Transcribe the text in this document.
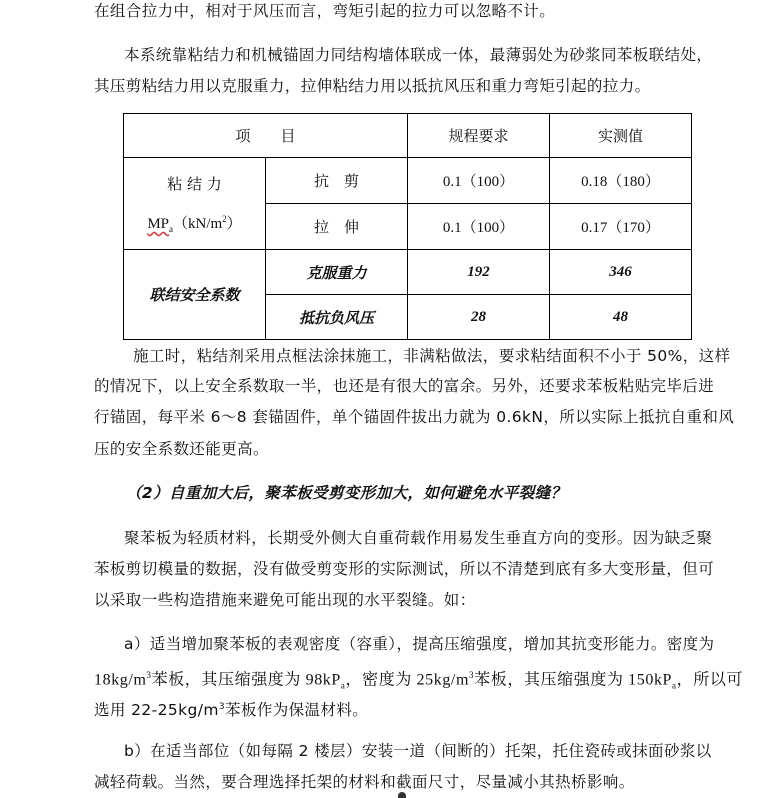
在组合拉力中，相对于风压而言，弯矩引起的拉力可以忽略不计。
本系统靠粘结力和机械锚固力同结构墙体联成一体，最薄弱处为砂浆同苯板联结处，
其压剪粘结力用以克服重力，拉伸粘结力用以抵抗风压和重力弯矩引起的拉力。
项　　目		规程要求	实测值

粘 结 力
$MP_a(kN/m^2)$	抗　剪	0.1（100）	0.18（180）
	拉　伸	0.1（100）	0.17（170）
联结安全系数	克服重力	192	346
	抵抗负风压	28	48
施工时，粘结剂采用点框法涂抹施工，非满粘做法，要求粘结面积不小于 50%，这样
的情况下，以上安全系数取一半，也还是有很大的富余。另外，还要求苯板粘贴完毕后进
行锚固，每平米 6～8 套锚固件，单个锚固件拔出力就为 0.6kN，所以实际上抵抗自重和风
压的安全系数还能更高。
（2）自重加大后，聚苯板受剪变形加大，如何避免水平裂缝？
聚苯板为轻质材料，长期受外侧大自重荷载作用易发生垂直方向的变形。因为缺乏聚
苯板剪切模量的数据，没有做受剪变形的实际测试，所以不清楚到底有多大变形量，但可
以采取一些构造措施来避免可能出现的水平裂缝。如：
a）适当增加聚苯板的表观密度（容重），提高压缩强度，增加其抗变形能力。密度为
$18kg/m^3$苯板，其压缩强度为 $98kP_a$，密度为 $25kg/m^3$苯板，其压缩强度为 $150kP_a$，所以可
选用 $22-25kg/m^3$苯板作为保温材料。
b）在适当部位（如每隔 2 楼层）安装一道（间断的）托架，托住瓷砖或抹面砂浆以
减轻荷载。当然，要合理选择托架的材料和截面尺寸，尽量减小其热桥影响。
